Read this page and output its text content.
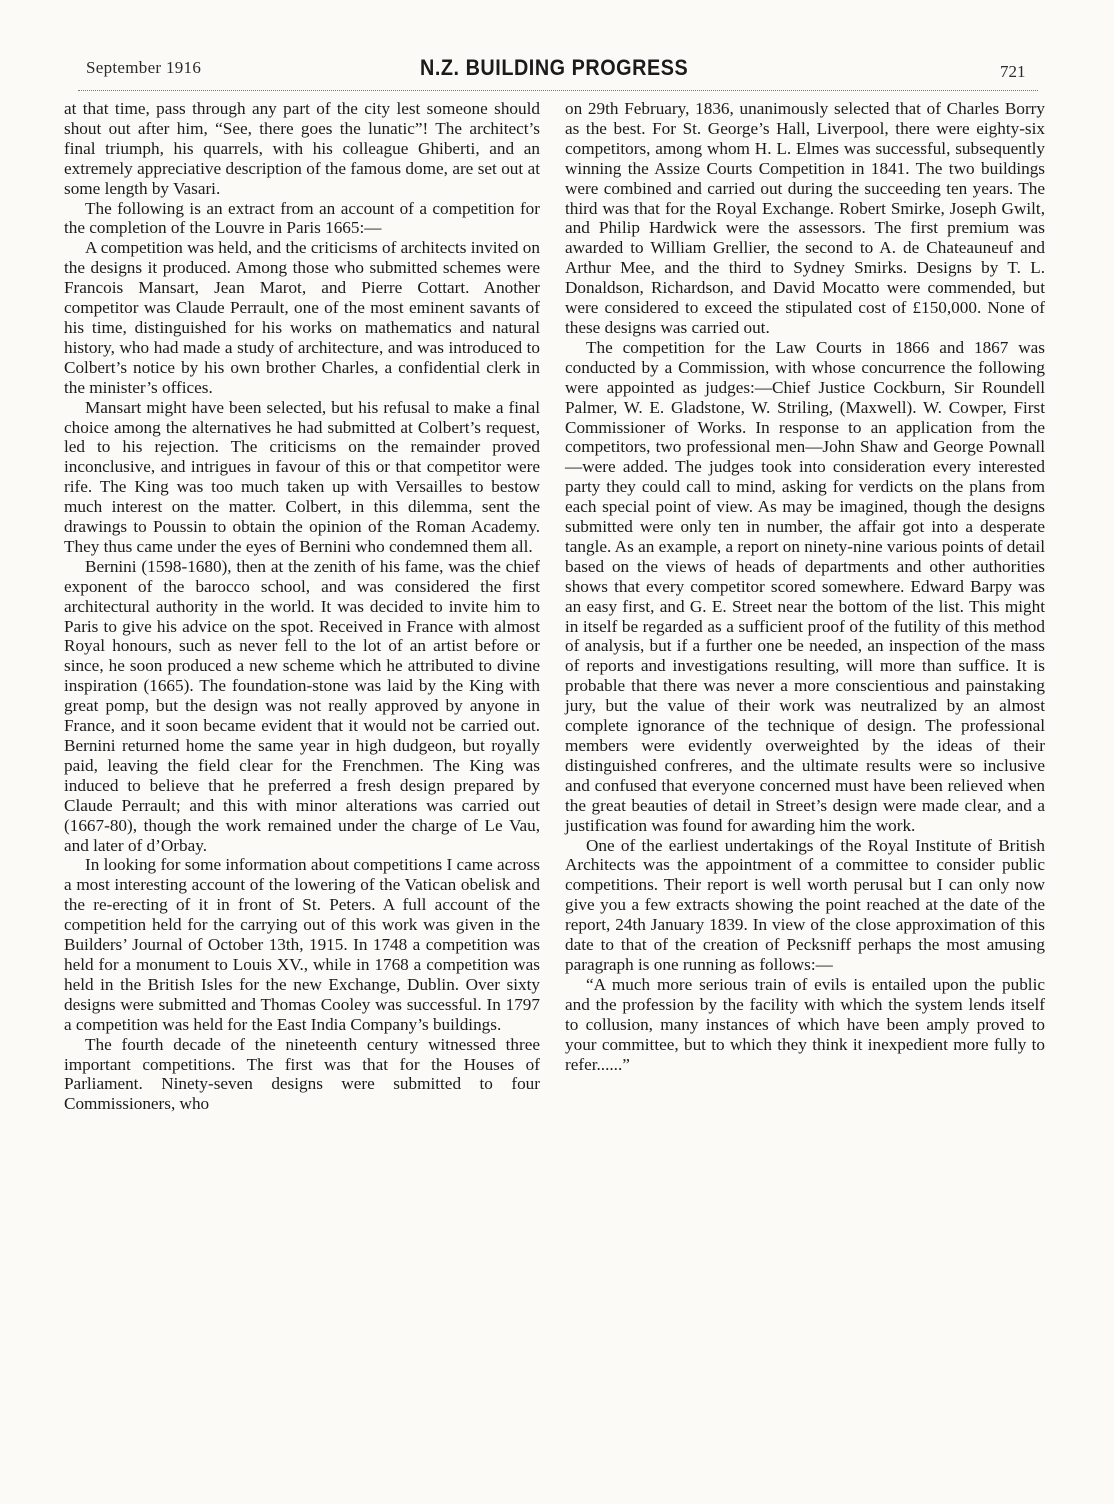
September 1916	N.Z. BUILDING PROGRESS	721

at that time, pass through any part of the city lest someone should shout out after him, “See, there goes the lunatic”! The architect’s final triumph, his quarrels, with his colleague Ghiberti, and an extremely appreciative description of the famous dome, are set out at some length by Vasari.

The following is an extract from an account of a competition for the completion of the Louvre in Paris 1665:—

A competition was held, and the criticisms of architects invited on the designs it produced. Among those who submitted schemes were Francois Mansart, Jean Marot, and Pierre Cottart. Another competitor was Claude Perrault, one of the most eminent savants of his time, distinguished for his works on mathematics and natural history, who had made a study of architecture, and was introduced to Colbert’s notice by his own brother Charles, a confidential clerk in the minister’s offices.

Mansart might have been selected, but his refusal to make a final choice among the alternatives he had submitted at Colbert’s request, led to his rejection. The criticisms on the remainder proved inconclusive, and intrigues in favour of this or that competitor were rife. The King was too much taken up with Versailles to bestow much interest on the matter. Colbert, in this dilemma, sent the drawings to Poussin to obtain the opinion of the Roman Academy. They thus came under the eyes of Bernini who condemned them all.

Bernini (1598-1680), then at the zenith of his fame, was the chief exponent of the barocco school, and was considered the first architectural authority in the world. It was decided to invite him to Paris to give his advice on the spot. Received in France with almost Royal honours, such as never fell to the lot of an artist before or since, he soon produced a new scheme which he attributed to divine inspiration (1665). The foundation-stone was laid by the King with great pomp, but the design was not really approved by anyone in France, and it soon became evident that it would not be carried out. Bernini returned home the same year in high dudgeon, but royally paid, leaving the field clear for the Frenchmen. The King was induced to believe that he preferred a fresh design prepared by Claude Perrault; and this with minor alterations was carried out (1667-80), though the work remained under the charge of Le Vau, and later of d’Orbay.

In looking for some information about competitions I came across a most interesting account of the lowering of the Vatican obelisk and the re-erecting of it in front of St. Peters. A full account of the competition held for the carrying out of this work was given in the Builders’ Journal of October 13th, 1915. In 1748 a competition was held for a monument to Louis XV., while in 1768 a competition was held in the British Isles for the new Exchange, Dublin. Over sixty designs were submitted and Thomas Cooley was successful. In 1797 a competition was held for the East India Company’s buildings.

The fourth decade of the nineteenth century witnessed three important competitions. The first was that for the Houses of Parliament. Ninety-seven designs were submitted to four Commissioners, who

on 29th February, 1836, unanimously selected that of Charles Borry as the best. For St. George’s Hall, Liverpool, there were eighty-six competitors, among whom H. L. Elmes was successful, subsequently winning the Assize Courts Competition in 1841. The two buildings were combined and carried out during the succeeding ten years. The third was that for the Royal Exchange. Robert Smirke, Joseph Gwilt, and Philip Hardwick were the assessors. The first premium was awarded to William Grellier, the second to A. de Chateauneuf and Arthur Mee, and the third to Sydney Smirks. Designs by T. L. Donaldson, Richardson, and David Mocatto were commended, but were considered to exceed the stipulated cost of £150,000. None of these designs was carried out.

The competition for the Law Courts in 1866 and 1867 was conducted by a Commission, with whose concurrence the following were appointed as judges:—Chief Justice Cockburn, Sir Roundell Palmer, W. E. Gladstone, W. Striling, (Maxwell). W. Cowper, First Commissioner of Works. In response to an application from the competitors, two professional men—John Shaw and George Pownall—were added. The judges took into consideration every interested party they could call to mind, asking for verdicts on the plans from each special point of view. As may be imagined, though the designs submitted were only ten in number, the affair got into a desperate tangle. As an example, a report on ninety-nine various points of detail based on the views of heads of departments and other authorities shows that every competitor scored somewhere. Edward Barpy was an easy first, and G. E. Street near the bottom of the list. This might in itself be regarded as a sufficient proof of the futility of this method of analysis, but if a further one be needed, an inspection of the mass of reports and investigations resulting, will more than suffice. It is probable that there was never a more conscientious and painstaking jury, but the value of their work was neutralized by an almost complete ignorance of the technique of design. The professional members were evidently overweighted by the ideas of their distinguished confreres, and the ultimate results were so inclusive and confused that everyone concerned must have been relieved when the great beauties of detail in Street’s design were made clear, and a justification was found for awarding him the work.

One of the earliest undertakings of the Royal Institute of British Architects was the appointment of a committee to consider public competitions. Their report is well worth perusal but I can only now give you a few extracts showing the point reached at the date of the report, 24th January 1839. In view of the close approximation of this date to that of the creation of Pecksniff perhaps the most amusing paragraph is one running as follows:—

“A much more serious train of evils is entailed upon the public and the profession by the facility with which the system lends itself to collusion, many instances of which have been amply proved to your committee, but to which they think it inexpedient more fully to refer......”
